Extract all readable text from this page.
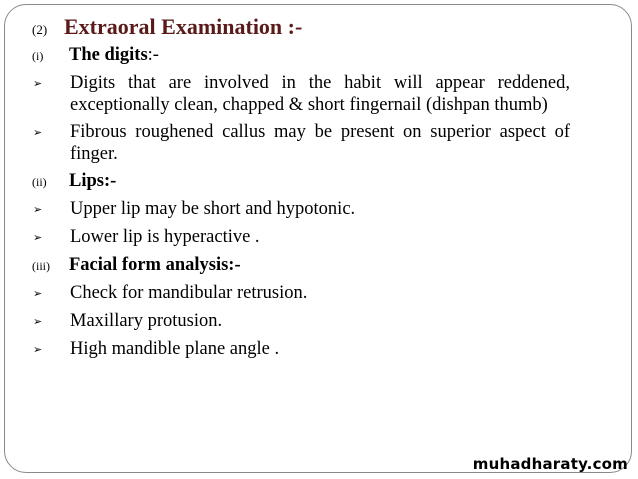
(2) Extraoral Examination :-
(i)	The digits:-
➢	Digits that are involved in the habit will appear reddened, exceptionally clean, chapped & short fingernail (dishpan thumb)
➢	Fibrous roughened callus may be present on superior aspect of finger.
(ii)	Lips:-
➢	Upper lip may be short and hypotonic.
➢	Lower lip is hyperactive .
(iii)	Facial form analysis:-
➢	Check for mandibular retrusion.
➢	Maxillary protusion.
➢	High mandible plane angle .
muhadharaty.com
